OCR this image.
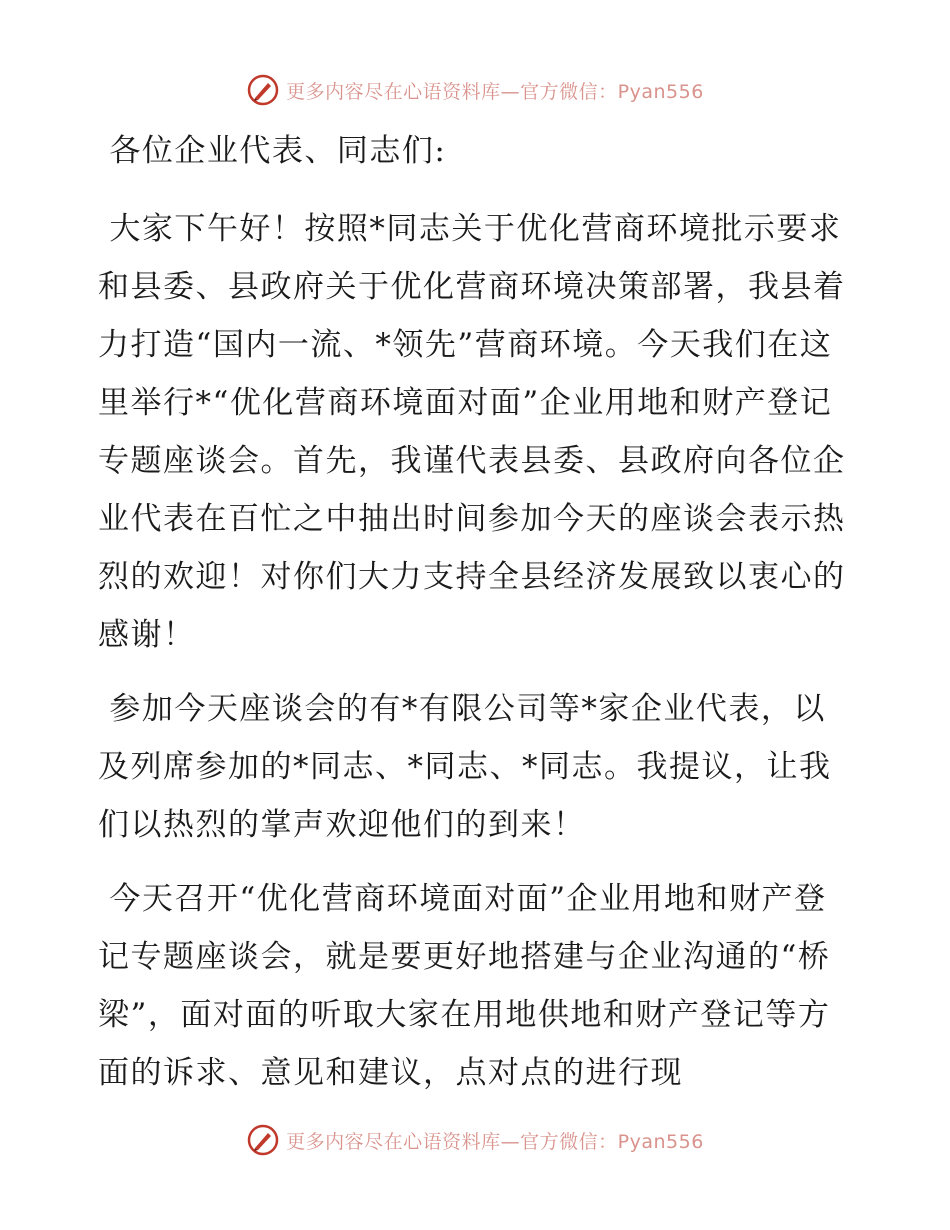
更多内容尽在心语资料库—官方微信：Pyan556

各位企业代表、同志们:

大家下午好！按照*同志关于优化营商环境批示要求和县委、县政府关于优化营商环境决策部署，我县着力打造“国内一流、*领先”营商环境。今天我们在这里举行*“优化营商环境面对面”企业用地和财产登记专题座谈会。首先，我谨代表县委、县政府向各位企业代表在百忙之中抽出时间参加今天的座谈会表示热烈的欢迎！对你们大力支持全县经济发展致以衷心的感谢！

参加今天座谈会的有*有限公司等*家企业代表，以及列席参加的*同志、*同志、*同志。我提议，让我们以热烈的掌声欢迎他们的到来！

今天召开“优化营商环境面对面”企业用地和财产登记专题座谈会，就是要更好地搭建与企业沟通的“桥梁”，面对面的听取大家在用地供地和财产登记等方面的诉求、意见和建议，点对点的进行现

更多内容尽在心语资料库—官方微信：Pyan556
